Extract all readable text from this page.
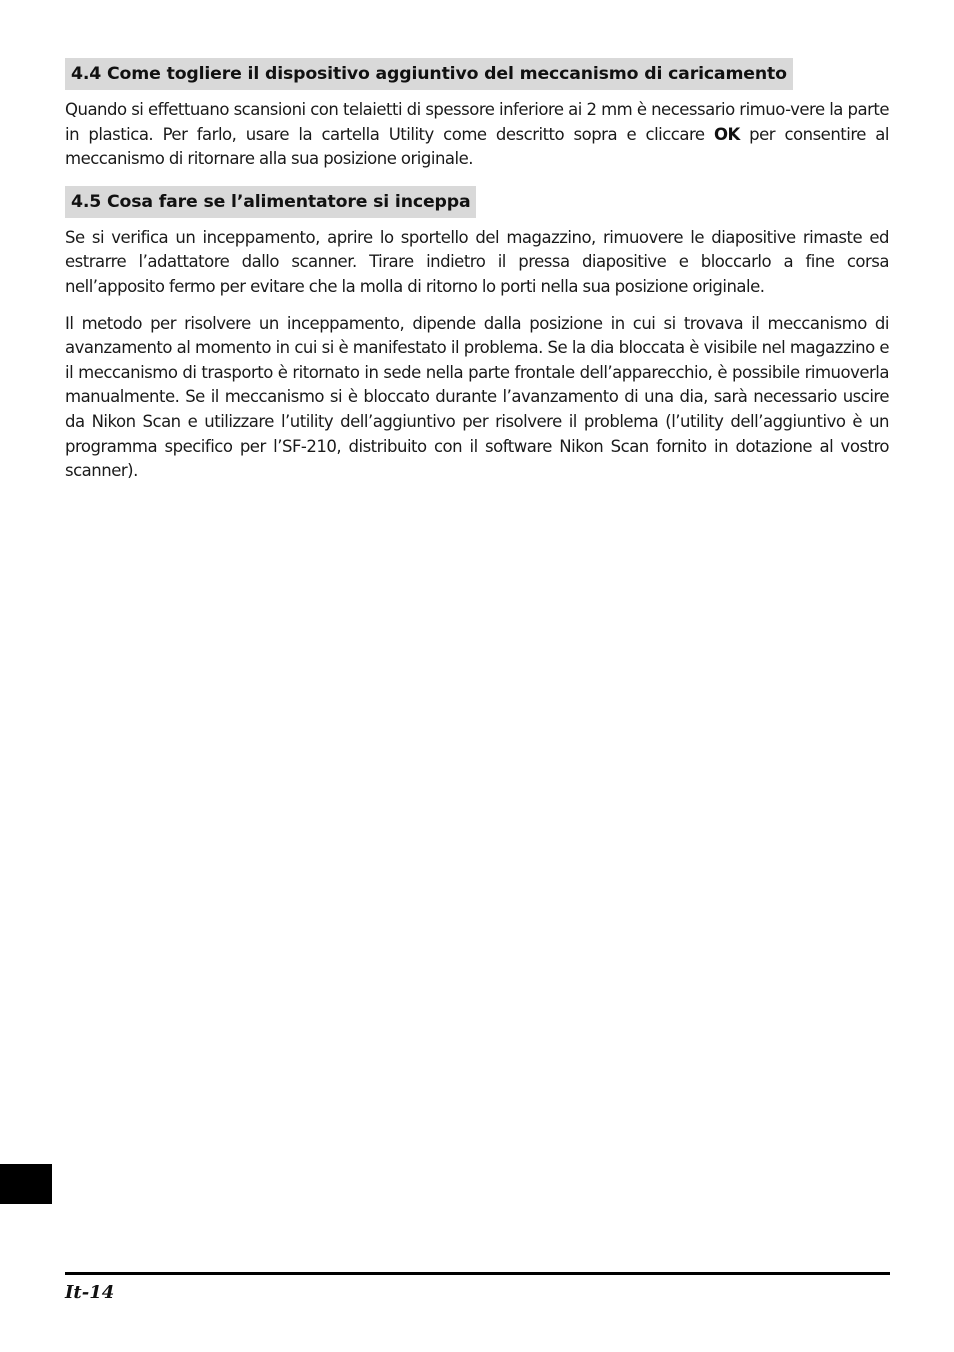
4.4 Come togliere il dispositivo aggiuntivo del meccanismo di caricamento

Quando si effettuano scansioni con telaietti di spessore inferiore ai 2 mm è necessario rimuo-vere la parte in plastica. Per farlo, usare la cartella Utility come descritto sopra e cliccare OK per consentire al meccanismo di ritornare alla sua posizione originale.

4.5 Cosa fare se l’alimentatore si inceppa

Se si verifica un inceppamento, aprire lo sportello del magazzino, rimuovere le diapositive rimaste ed estrarre l’adattatore dallo scanner. Tirare indietro il pressa diapositive e bloccarlo a fine corsa nell’apposito fermo per evitare che la molla di ritorno lo porti nella sua posizione originale.

Il metodo per risolvere un inceppamento, dipende dalla posizione in cui si trovava il meccanismo di avanzamento al momento in cui si è manifestato il problema. Se la dia bloccata è visibile nel magazzino e il meccanismo di trasporto è ritornato in sede nella parte frontale dell’apparecchio, è possibile rimuoverla manualmente. Se il meccanismo si è bloccato durante l’avanzamento di una dia, sarà necessario uscire da Nikon Scan e utilizzare l’utility dell’aggiuntivo per risolvere il problema (l’utility dell’aggiuntivo è un programma specifico per l’SF-210, distribuito con il software Nikon Scan fornito in dotazione al vostro scanner).

It-14
